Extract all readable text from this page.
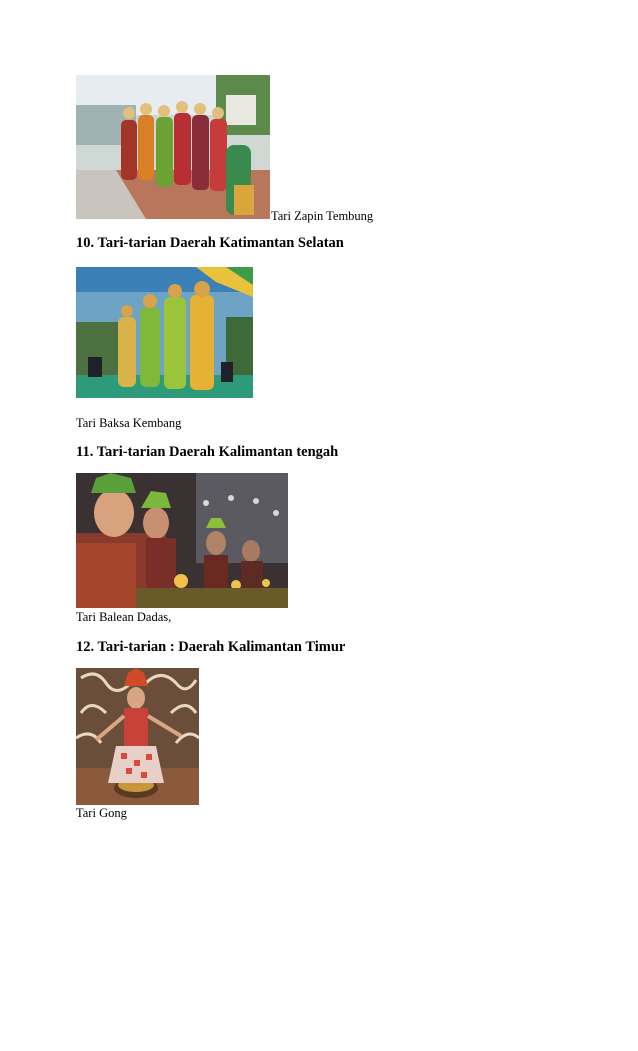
Tari Zapin Tembung
10. Tari-tarian Daerah Katimantan Selatan
Tari Baksa Kembang
11. Tari-tarian Daerah Kalimantan tengah
Tari Balean Dadas,
12. Tari-tarian : Daerah Kalimantan Timur
Tari Gong
